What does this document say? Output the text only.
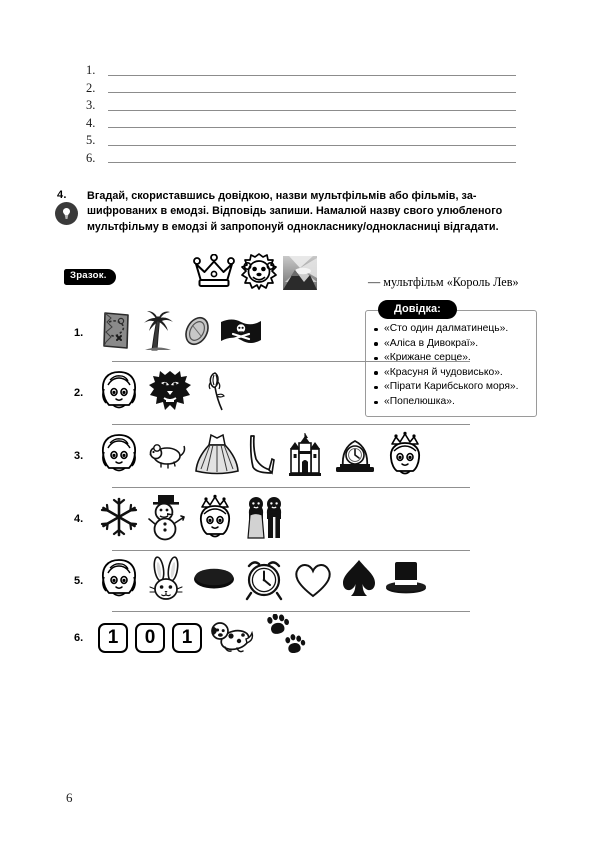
1.
2.
3.
4.
5.
6.
4. Вгадай, скориставшись довідкою, назви мультфільмів або фільмів, за-
шифрованих в емодзі. Відповідь запиши. Намалюй назву свого улюбленого
мультфільму в емодзі й запропонуй однокласнику/однокласниці відгадати.

Зразок.	— мультфільм «Король Лев»
Довідка:
«Сто один далматинець».
«Аліса в Дивокраї».
«Крижане серце».
«Красуня й чудовисько».
«Пірати Карибського моря».
«Попелюшка».
1.
2.
3.
4.
5.
6.	1	0	1
6
